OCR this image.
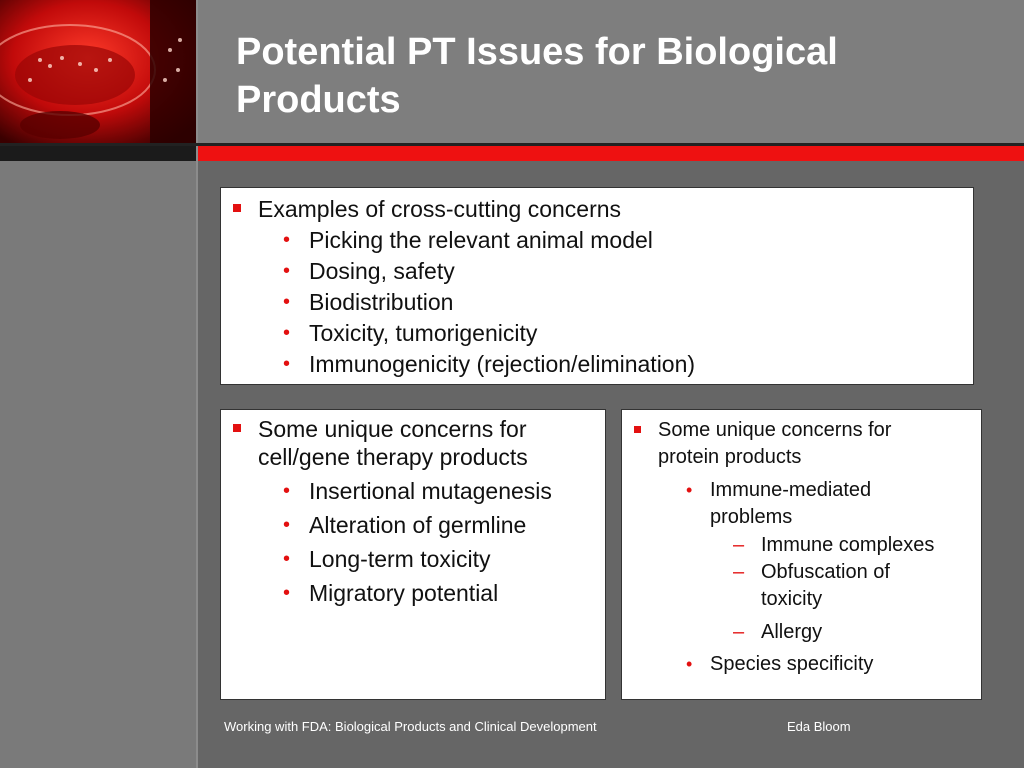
Potential PT Issues for Biological Products
Examples of cross-cutting concerns
• Picking the relevant animal model
• Dosing, safety
• Biodistribution
• Toxicity, tumorigenicity
• Immunogenicity (rejection/elimination)
Some unique concerns for cell/gene therapy products
• Insertional mutagenesis
• Alteration of germline
• Long-term toxicity
• Migratory potential
Some unique concerns for protein products
• Immune-mediated problems
– Immune complexes
– Obfuscation of toxicity
– Allergy
• Species specificity
Working with FDA: Biological Products and Clinical Development	Eda Bloom
